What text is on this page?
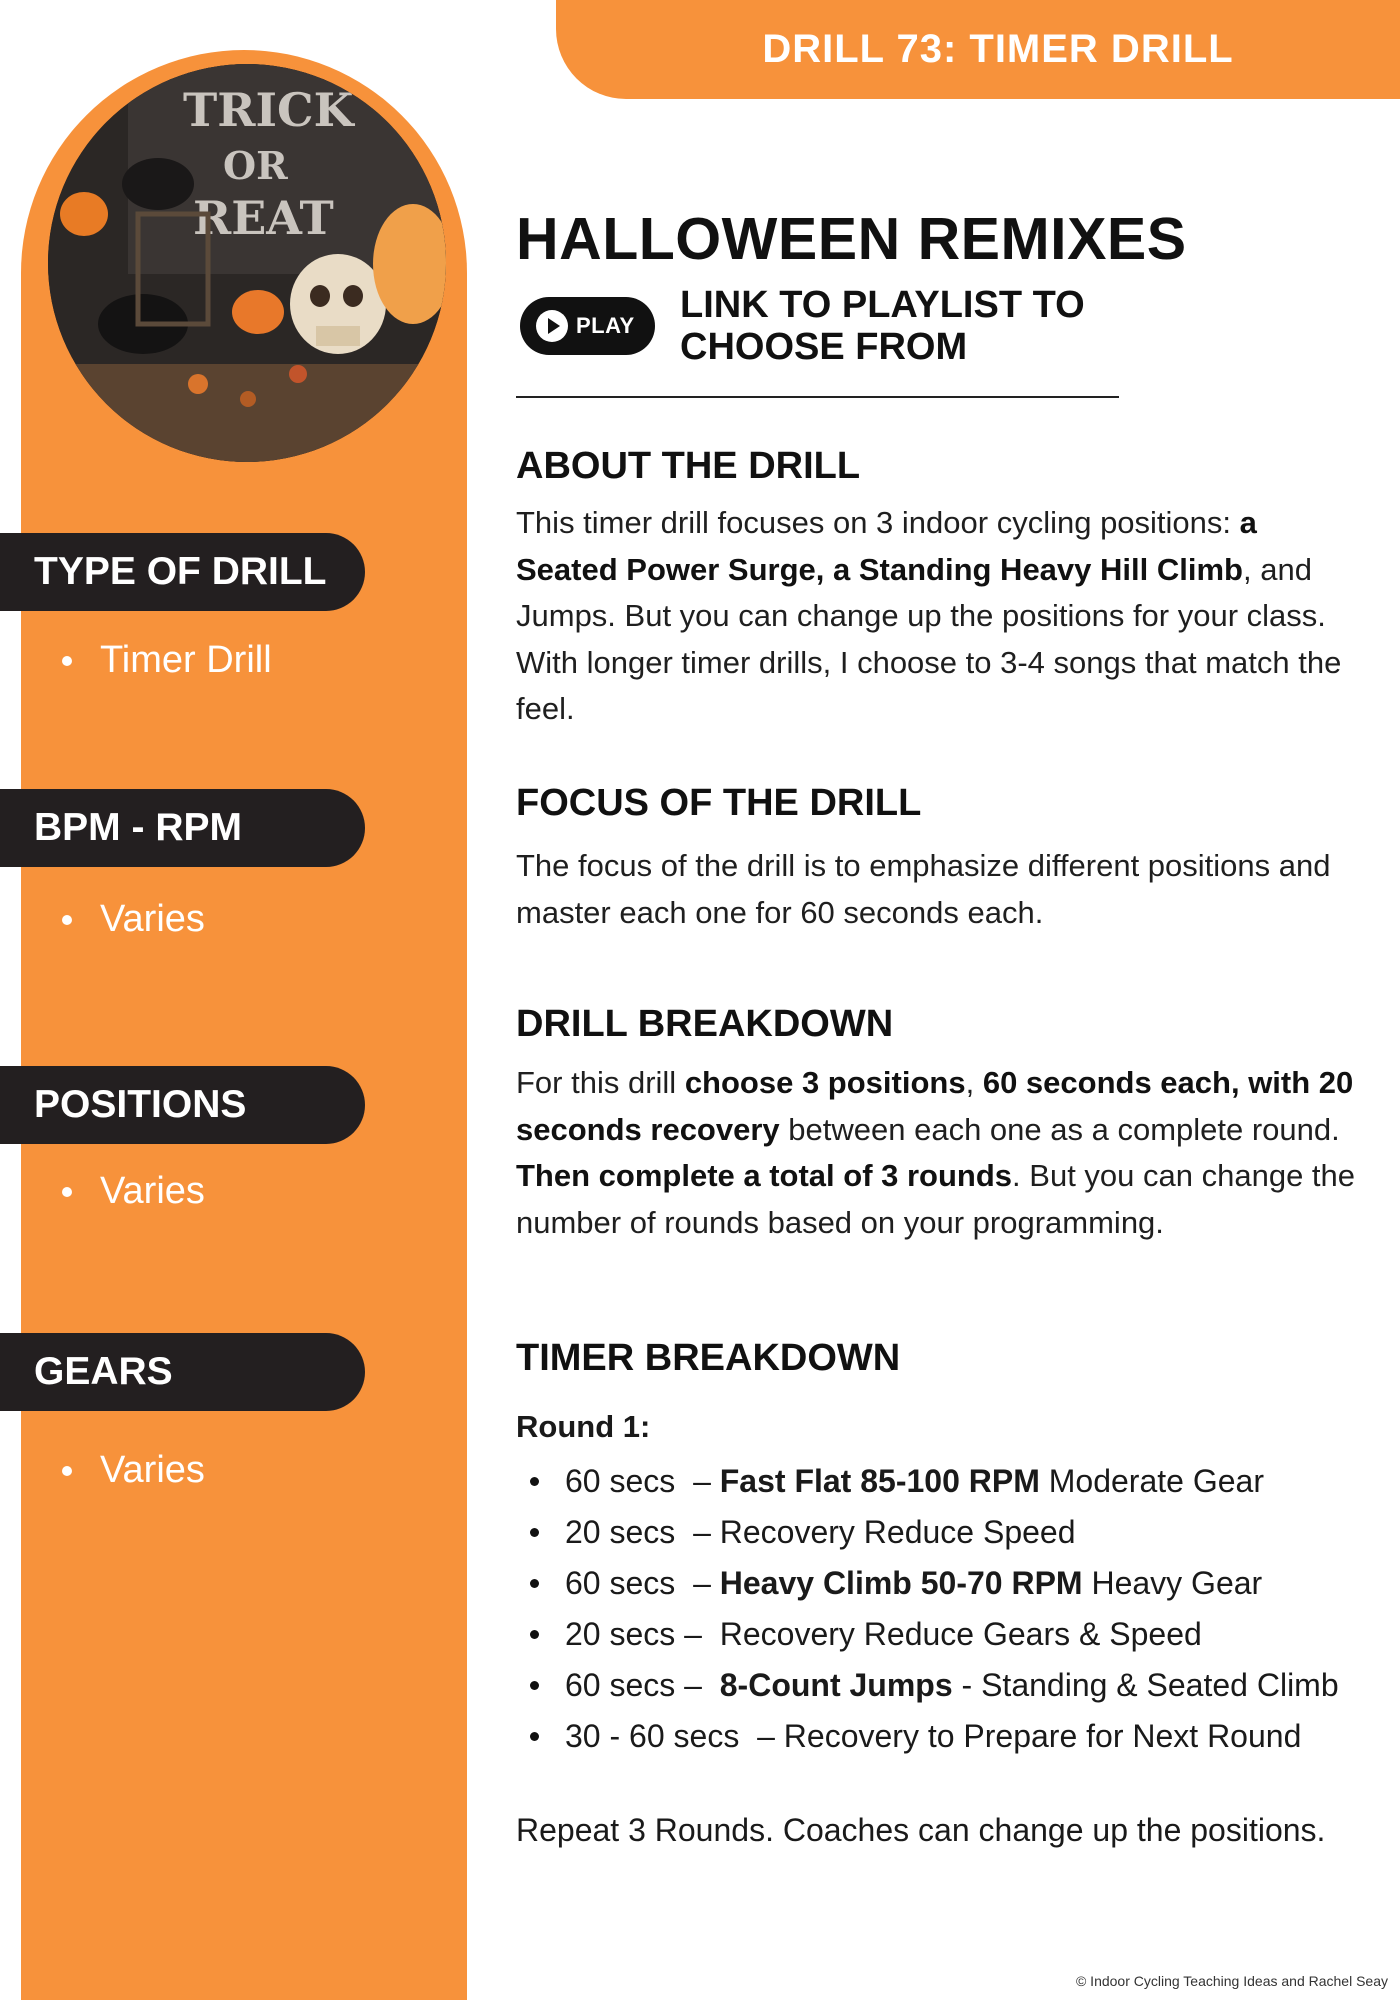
DRILL 73: TIMER DRILL
TRICK
OR
REAT
TYPE OF DRILL
Timer Drill
BPM - RPM
Varies
POSITIONS
Varies
GEARS
Varies
HALLOWEEN REMIXES
PLAY LINK TO PLAYLIST TO
CHOOSE FROM
ABOUT THE DRILL

This timer drill focuses on 3 indoor cycling positions: a Seated Power Surge, a Standing Heavy Hill Climb, and Jumps. But you can change up the positions for your class. With longer timer drills, I choose to 3-4 songs that match the feel.

FOCUS OF THE DRILL

The focus of the drill is to emphasize different positions and master each one for 60 seconds each.

DRILL BREAKDOWN

For this drill choose 3 positions, 60 seconds each, with 20 seconds recovery between each one as a complete round. Then complete a total of 3 rounds. But you can change the number of rounds based on your programming.

TIMER BREAKDOWN
Round 1:
60 secs  – Fast Flat 85-100 RPM Moderate Gear
20 secs  – Recovery Reduce Speed
60 secs  – Heavy Climb 50-70 RPM Heavy Gear
20 secs – Recovery Reduce Gears & Speed
60 secs – 8-Count Jumps - Standing & Seated Climb
30 - 60 secs  – Recovery to Prepare for Next Round
Repeat 3 Rounds. Coaches can change up the positions.
© Indoor Cycling Teaching Ideas and Rachel Seay
